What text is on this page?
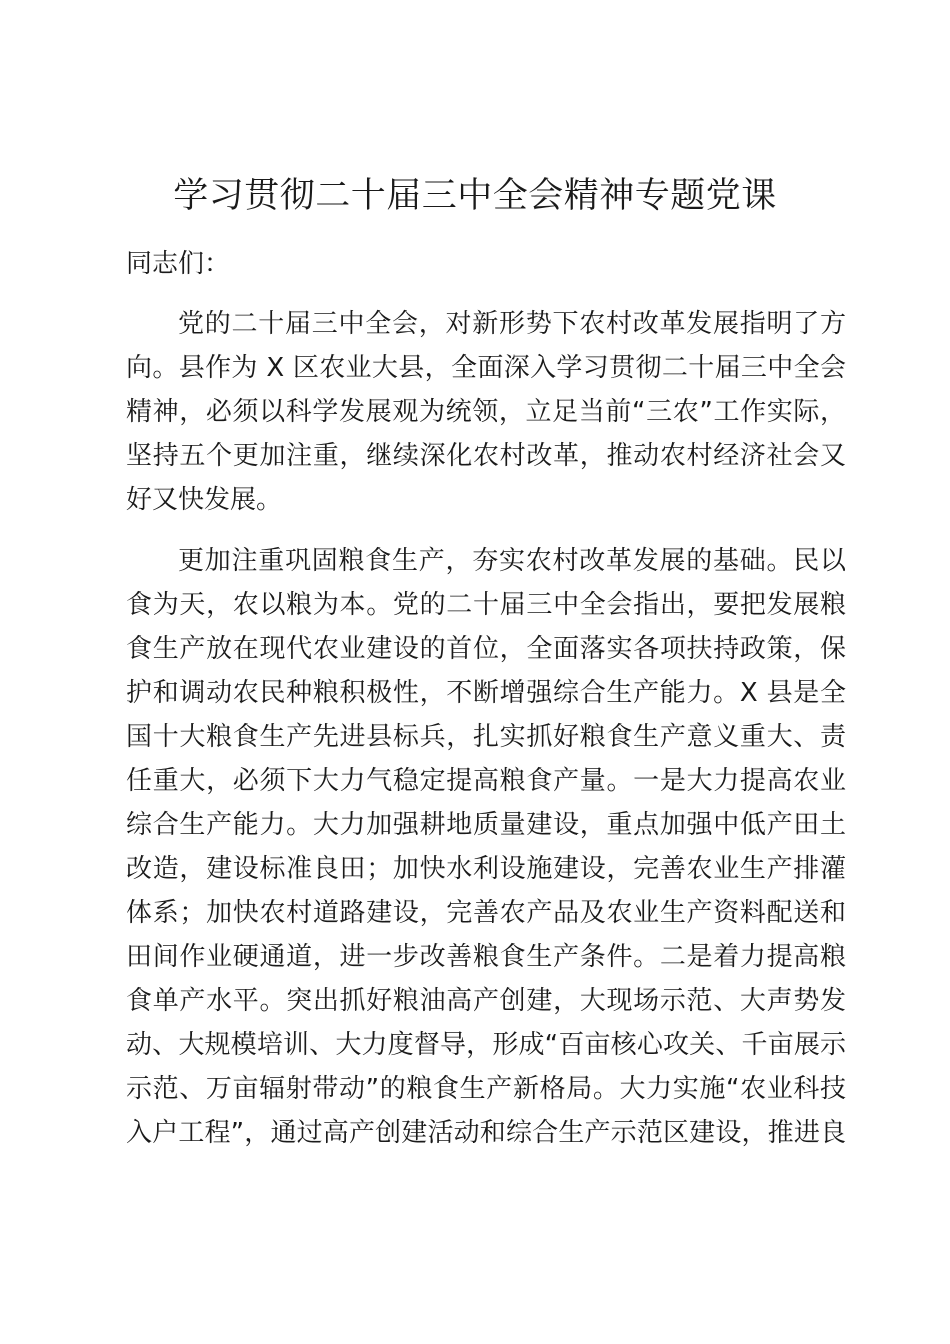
学习贯彻二十届三中全会精神专题党课
同志们：
党的二十届三中全会，对新形势下农村改革发展指明了方
向。县作为 X 区农业大县，全面深入学习贯彻二十届三中全会
精神，必须以科学发展观为统领，立足当前“三农”工作实际，
坚持五个更加注重，继续深化农村改革，推动农村经济社会又
好又快发展。
更加注重巩固粮食生产，夯实农村改革发展的基础。民以
食为天，农以粮为本。党的二十届三中全会指出，要把发展粮
食生产放在现代农业建设的首位，全面落实各项扶持政策，保
护和调动农民种粮积极性，不断增强综合生产能力。X 县是全
国十大粮食生产先进县标兵，扎实抓好粮食生产意义重大、责
任重大，必须下大力气稳定提高粮食产量。一是大力提高农业
综合生产能力。大力加强耕地质量建设，重点加强中低产田土
改造，建设标准良田；加快水利设施建设，完善农业生产排灌
体系；加快农村道路建设，完善农产品及农业生产资料配送和
田间作业硬通道，进一步改善粮食生产条件。二是着力提高粮
食单产水平。突出抓好粮油高产创建，大现场示范、大声势发
动、大规模培训、大力度督导，形成“百亩核心攻关、千亩展示
示范、万亩辐射带动”的粮食生产新格局。大力实施“农业科技
入户工程”，通过高产创建活动和综合生产示范区建设，推进良
